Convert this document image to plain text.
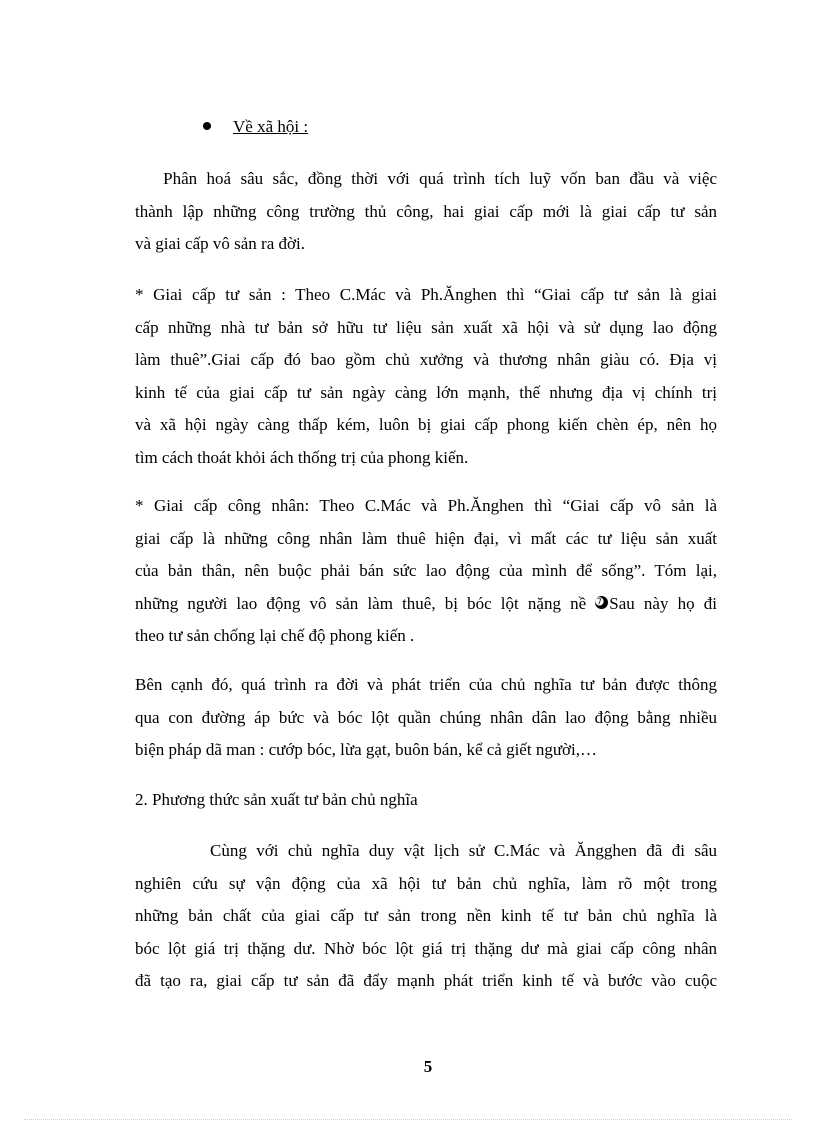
Về xã hội :

Phân hoá sâu sắc, đồng thời với quá trình tích luỹ vốn ban đầu và việc
thành lập những công trường thủ công, hai giai cấp mới là giai cấp tư sản
và giai cấp vô sản ra đời.

* Giai cấp tư sản : Theo C.Mác và Ph.Ănghen thì “Giai cấp tư sản là giai
cấp những nhà tư bản sở hữu tư liệu sản xuất xã hội và sử dụng lao động
làm thuê”.Giai cấp đó bao gồm chủ xưởng và thương nhân giàu có. Địa vị
kinh tế của giai cấp tư sản ngày càng lớn mạnh, thế nhưng địa vị chính trị
và xã hội ngày càng thấp kém, luôn bị giai cấp phong kiến chèn ép, nên họ
tìm cách thoát khỏi ách thống trị của phong kiến.

* Giai cấp công nhân: Theo C.Mác và Ph.Ănghen thì “Giai cấp vô sản là
giai cấp là những công nhân làm thuê hiện đại, vì mất các tư liệu sản xuất
của bản thân, nên buộc phải bán sức lao động của mình để sống”. Tóm lại,
những người lao động vô sản làm thuê, bị bóc lột nặng nề ➐ Sau này họ đi
theo tư sản chống lại chế độ phong kiến .

Bên cạnh đó, quá trình ra đời và phát triển của chủ nghĩa tư bản được thông
qua con đường áp bức và bóc lột quần chúng nhân dân lao động bằng nhiều
biện pháp dã man : cướp bóc, lừa gạt, buôn bán, kể cả giết người,…

2. Phương thức sản xuất tư bản chủ nghĩa

Cùng với chủ nghĩa duy vật lịch sử C.Mác và Ăngghen đã đi sâu
nghiên cứu sự vận động của xã hội tư bản chủ nghĩa, làm rõ một trong
những bản chất của giai cấp tư sản trong nền kinh tế tư bản chủ nghĩa là
bóc lột giá trị thặng dư. Nhờ bóc lột giá trị thặng dư mà giai cấp công nhân
đã tạo ra, giai cấp tư sản đã đẩy mạnh phát triển kinh tế và bước vào cuộc

5
